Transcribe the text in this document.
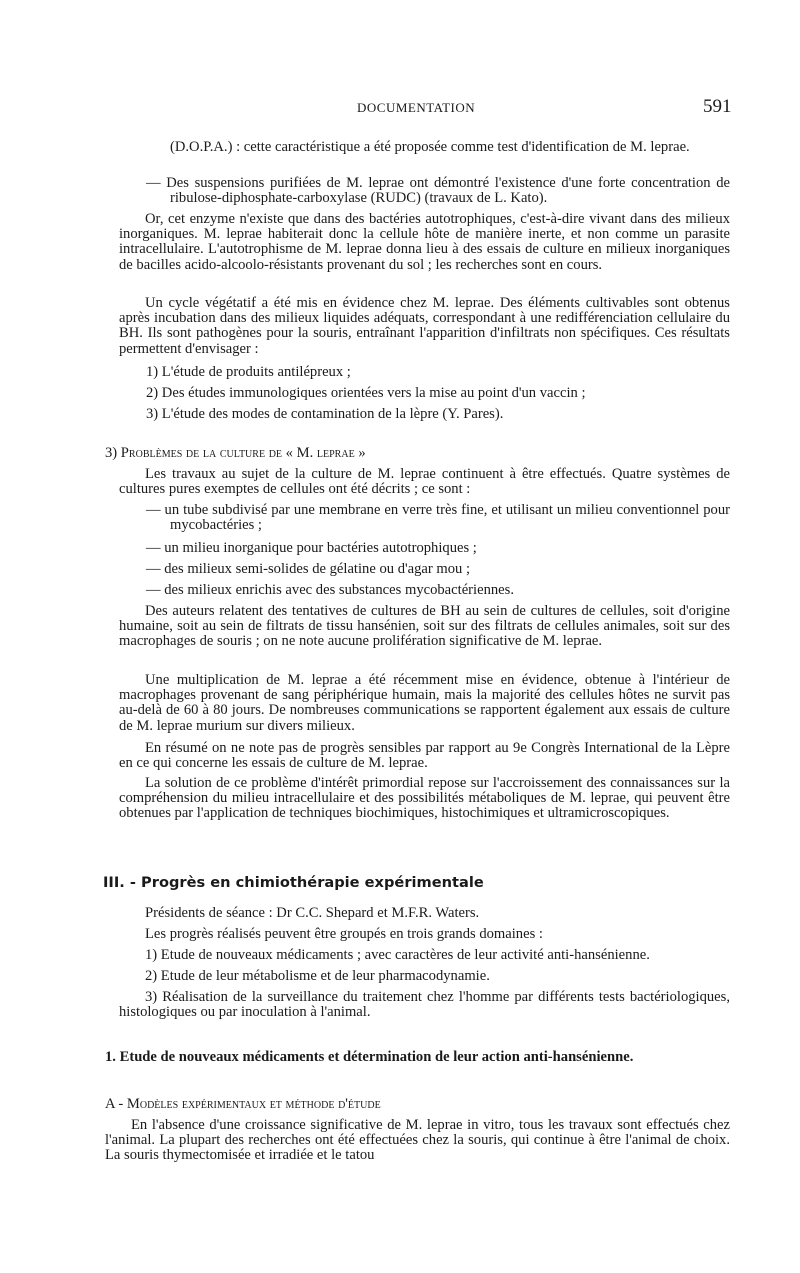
DOCUMENTATION	591

(D.O.P.A.) : cette caractéristique a été proposée comme test d'identification de M. leprae.

— Des suspensions purifiées de M. leprae ont démontré l'existence d'une forte concentration de ribulose-diphosphate-carboxylase (RUDC) (travaux de L. Kato).

Or, cet enzyme n'existe que dans des bactéries autotrophiques, c'est-à-dire vivant dans des milieux inorganiques. M. leprae habiterait donc la cellule hôte de manière inerte, et non comme un parasite intracellulaire. L'autotrophisme de M. leprae donna lieu à des essais de culture en milieux inorganiques de bacilles acido-alcoolo-résistants provenant du sol ; les recherches sont en cours.

Un cycle végétatif a été mis en évidence chez M. leprae. Des éléments cultivables sont obtenus après incubation dans des milieux liquides adéquats, correspondant à une redifférenciation cellulaire du BH. Ils sont pathogènes pour la souris, entraînant l'apparition d'infiltrats non spécifiques. Ces résultats permettent d'envisager :

1) L'étude de produits antilépreux ;

2) Des études immunologiques orientées vers la mise au point d'un vaccin ;

3) L'étude des modes de contamination de la lèpre (Y. Pares).

3) Problèmes de la culture de « M. leprae »

Les travaux au sujet de la culture de M. leprae continuent à être effectués. Quatre systèmes de cultures pures exemptes de cellules ont été décrits ; ce sont :

— un tube subdivisé par une membrane en verre très fine, et utilisant un milieu conventionnel pour mycobactéries ;

— un milieu inorganique pour bactéries autotrophiques ;

— des milieux semi-solides de gélatine ou d'agar mou ;

— des milieux enrichis avec des substances mycobactériennes.

Des auteurs relatent des tentatives de cultures de BH au sein de cultures de cellules, soit d'origine humaine, soit au sein de filtrats de tissu hansénien, soit sur des filtrats de cellules animales, soit sur des macrophages de souris ; on ne note aucune prolifération significative de M. leprae.

Une multiplication de M. leprae a été récemment mise en évidence, obtenue à l'intérieur de macrophages provenant de sang périphérique humain, mais la majorité des cellules hôtes ne survit pas au-delà de 60 à 80 jours. De nombreuses communications se rapportent également aux essais de culture de M. leprae murium sur divers milieux.

En résumé on ne note pas de progrès sensibles par rapport au 9e Congrès International de la Lèpre en ce qui concerne les essais de culture de M. leprae.

La solution de ce problème d'intérêt primordial repose sur l'accroissement des connaissances sur la compréhension du milieu intracellulaire et des possibilités métaboliques de M. leprae, qui peuvent être obtenues par l'application de techniques biochimiques, histochimiques et ultramicroscopiques.

III. - Progrès en chimiothérapie expérimentale

Présidents de séance : Dr C.C. Shepard et M.F.R. Waters.

Les progrès réalisés peuvent être groupés en trois grands domaines :

1) Etude de nouveaux médicaments ; avec caractères de leur activité anti-hansénienne.

2) Etude de leur métabolisme et de leur pharmacodynamie.

3) Réalisation de la surveillance du traitement chez l'homme par différents tests bactériologiques, histologiques ou par inoculation à l'animal.

1. Etude de nouveaux médicaments et détermination de leur action anti-hansénienne.

A - Modèles expérimentaux et méthode d'étude

En l'absence d'une croissance significative de M. leprae in vitro, tous les travaux sont effectués chez l'animal. La plupart des recherches ont été effectuées chez la souris, qui continue à être l'animal de choix. La souris thymectomisée et irradiée et le tatou
